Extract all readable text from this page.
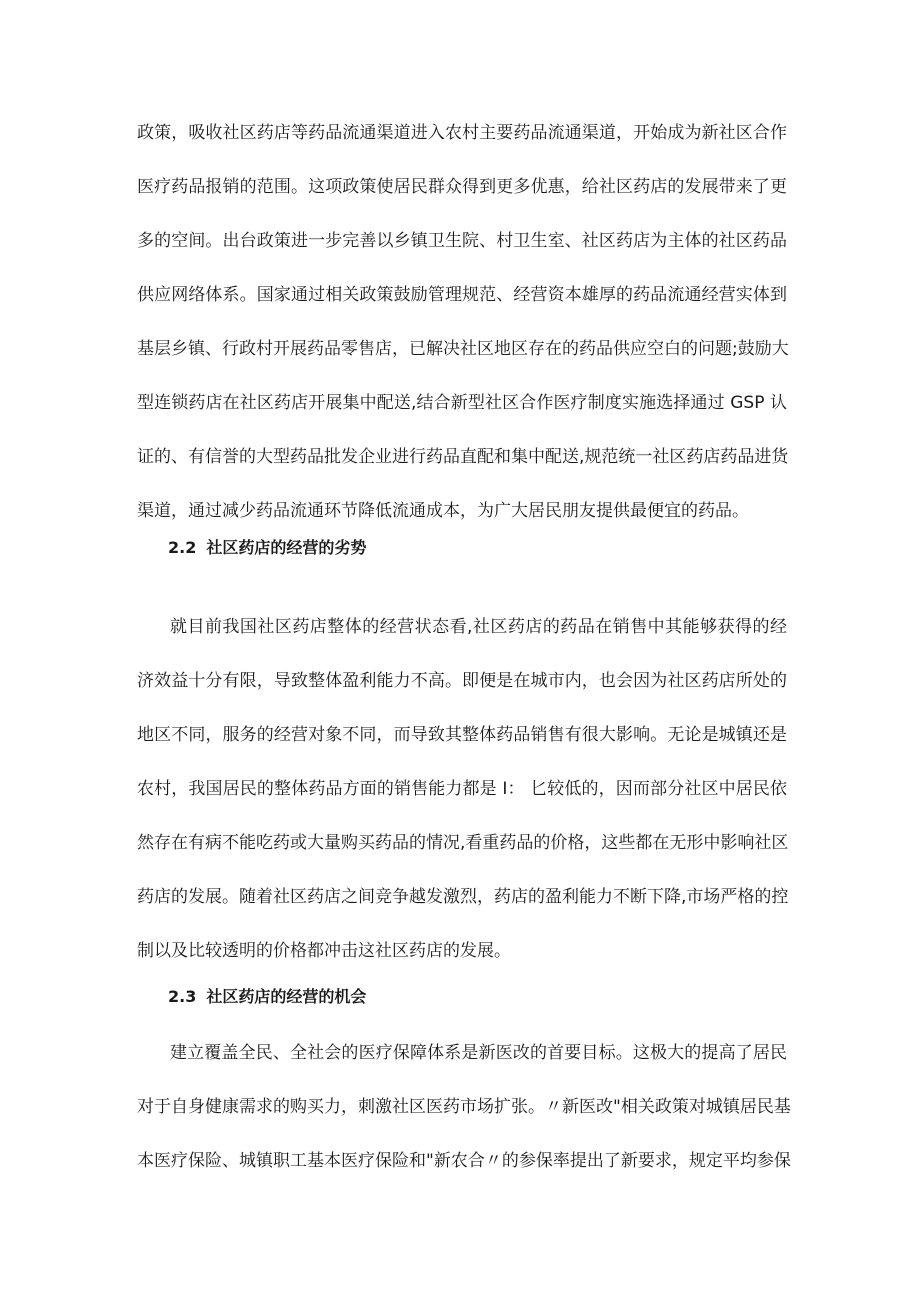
政策，吸收社区药店等药品流通渠道进入农村主要药品流通渠道，开始成为新社区合作
医疗药品报销的范围。这项政策使居民群众得到更多优惠，给社区药店的发展带来了更
多的空间。出台政策进一步完善以乡镇卫生院、村卫生室、社区药店为主体的社区药品
供应网络体系。国家通过相关政策鼓励管理规范、经营资本雄厚的药品流通经营实体到
基层乡镇、行政村开展药品零售店，已解决社区地区存在的药品供应空白的问题;鼓励大
型连锁药店在社区药店开展集中配送,结合新型社区合作医疗制度实施选择通过 GSP 认
证的、有信誉的大型药品批发企业进行药品直配和集中配送,规范统一社区药店药品进货
渠道，通过减少药品流通环节降低流通成本，为广大居民朋友提供最便宜的药品。
2.2 社区药店的经营的劣势
就目前我国社区药店整体的经营状态看,社区药店的药品在销售中其能够获得的经
济效益十分有限，导致整体盈利能力不高。即便是在城市内，也会因为社区药店所处的
地区不同，服务的经营对象不同，而导致其整体药品销售有很大影响。无论是城镇还是
农村，我国居民的整体药品方面的销售能力都是 I： 匕较低的，因而部分社区中居民依
然存在有病不能吃药或大量购买药品的情况,看重药品的价格，这些都在无形中影响社区
药店的发展。随着社区药店之间竞争越发激烈，药店的盈利能力不断下降,市场严格的控
制以及比较透明的价格都冲击这社区药店的发展。
2.3 社区药店的经营的机会
建立覆盖全民、全社会的医疗保障体系是新医改的首要目标。这极大的提高了居民
对于自身健康需求的购买力，刺激社区医药市场扩张。〃新医改"相关政策对城镇居民基
本医疗保险、城镇职工基本医疗保险和"新农合〃的参保率提出了新要求，规定平均参保
